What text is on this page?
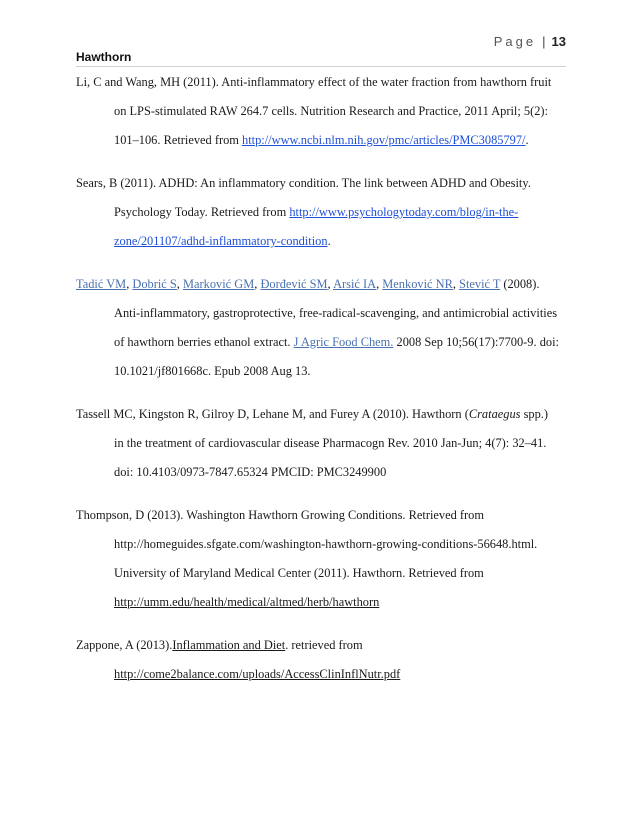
Page | 13
Hawthorn

Li, C and Wang, MH (2011). Anti-inflammatory effect of the water fraction from hawthorn fruit
on LPS-stimulated RAW 264.7 cells. Nutrition Research and Practice, 2011 April; 5(2):
101–106. Retrieved from http://www.ncbi.nlm.nih.gov/pmc/articles/PMC3085797/.

Sears, B (2011). ADHD: An inflammatory condition. The link between ADHD and Obesity.
Psychology Today. Retrieved from http://www.psychologytoday.com/blog/in-the-
zone/201107/adhd-inflammatory-condition.

Tadić VM, Dobrić S, Marković GM, Đorđević SM, Arsić IA, Menković NR, Stević T (2008).
Anti-inflammatory, gastroprotective, free-radical-scavenging, and antimicrobial activities
of hawthorn berries ethanol extract. J Agric Food Chem. 2008 Sep 10;56(17):7700-9. doi:
10.1021/jf801668c. Epub 2008 Aug 13.

Tassell MC, Kingston R, Gilroy D, Lehane M, and Furey A (2010). Hawthorn (Crataegus spp.)
in the treatment of cardiovascular disease Pharmacogn Rev. 2010 Jan-Jun; 4(7): 32–41.
doi: 10.4103/0973-7847.65324 PMCID: PMC3249900

Thompson, D (2013). Washington Hawthorn Growing Conditions. Retrieved from
http://homeguides.sfgate.com/washington-hawthorn-growing-conditions-56648.html.
University of Maryland Medical Center (2011). Hawthorn. Retrieved from
http://umm.edu/health/medical/altmed/herb/hawthorn

Zappone, A (2013).Inflammation and Diet. retrieved from
http://come2balance.com/uploads/AccessClinInflNutr.pdf
